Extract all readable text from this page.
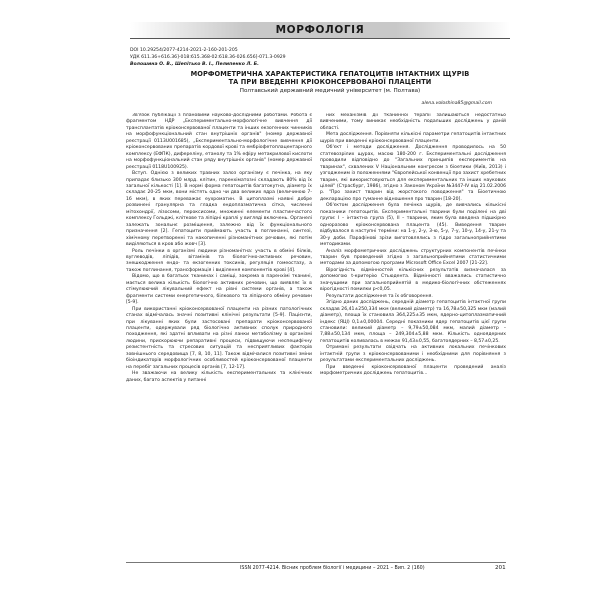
МОРФОЛОГІЯ
DOI 10.29254/2077-4214-2021-2-160-201-205
УДК 611.36+616.36]-018:615.368-02:618.36-026.656]-071.3-0929
Волошина О. В., Шепітько В. І., Пелипенко Л. Б.
МОРФОМЕТРИЧНА ХАРАКТЕРИСТИКА ГЕПАТОЦИТІВ ІНТАКТНИХ ЩУРІВ
ТА ПРИ ВВЕДЕННІ КРІОКОНСЕРВОВАНОЇ ПЛАЦЕНТИ
Полтавський державний медичний університет (м. Полтава)
alena.voloshina85@gmail.com

Зв'язок публікації з плановими науково-дослідними роботами. Робота є фрагментом НДР „Експериментально-морфологічне вивчення дії трансплантатів кріоконсервованої плаценти та інших екзогенних чинників на морфофункціональний стан внутрішніх органів" (номер державної реєстрації 0113U001685), „Експериментально-морфологічне вивчення дії кріоконсервованих препаратів кордової крові та ембріофетоплацентарного комплексу (ЕФПК), дифереліну, етанолу та 1% ефіру метакрилової кислоти на морфофункціональний стан ряду внутрішніх органів" (номер державної реєстрації 0118U100925).

Вступ. Однією з великих травних залоз організму є печінка, на яку припадає близько 300 млрд. клітин, паренхіматозні складають 80% від їх загальної кількості [1]. В нормі форма гепатоцитів багатокутна, діаметр їх складає 20-25 мкм, вони містять одно чи два великих ядра (величиною 7-16 мкм), в яких переважає еухроматин. В цитоплазмі наявні добре розвинені гранулярна та гладка ендоплазматична сітка, численні мітохондрії, лізосоми, пероксисоми, множинні елементи пластинчастого комплексу Гольджі, кліткове та ліпідні краплі у вигляді включень. Органелі залежать зональнє розміщення, залежно від їх функціонального призначення [2]. Гепатоцити приймають участь в поглинанні, синтезі, хімічному перетворенні та накопиченні різноманітних речовин, які потім виділяються в кров або жовч [3].

Роль печінки в організмі людини різноманітна: участь в обміні білків, вуглеводів, ліпідів, вітамінів та біологічно-активних речовин, знешкодження ендо- та екзогенних токсинів, регуляція гомеостазу, а також поглинання, трансформація і виділення компонентів крові [4].

Відомо, що в багатьох тканинах і саміщі, зокрема в паренхімі тканині, мається велика кількість біологічно активних речовин, що виявляє їх в стімулюючий лікувальний ефект на рівні системи органів, а також фрагменти системи енергетичного, білкового та ліпідного обміну речовин [5-9].

При використанні кріоконсервованої плаценти на різних патологічних станах відмічалась значні позитивні клінічні результати [5-9]. Пацієнти, при лікуванні яких були застосовані препарати кріоконсервованої плаценти, одержували ряд біологічно активних сполук природного походження, які здатні впливати на різні ланки метаболізму в організмі людини, прискорюючи репаративні процеси, підвищуючи неспецифічну резистентність та стресових ситуацій та несприятливих факторів зовнішнього середовища [7, 8, 10, 11]. Також відмічалися позитивні зміни біоіндикаторів морфологічних особливостей кріоконсервованої плаценти на перебіг загальних процесів органів [7, 12-17].

Не зважаючи на велику кількість експериментальних та клінічних даних, багато аспектів у питанні

них механізмів дії тканинної терапії залишаються недостатньо вивченими, тому виникає необхідність подальших досліджень у даній області.

Мета дослідження. Порівняти кількісні параметри гепатоцитів інтактних щурів при введенні кріоконсервованої плаценти.

Об'єкт і методи дослідження. Дослідження проводилось на 50 статевозрілих щурах, масою 180-200 г. Експериментальні дослідження проводили відповідно до "Загальних принципів експериментів на тваринах", схвалених V Національним конгресом з біоетики (Київ, 2013) і узгодженим із положеннями "Європейської конвенції про захист хребетних тварин, які використовуються для експериментальних та інших наукових цілей" (Страсбург, 1986), згідно з Законом України №3447-IV від 21.02.2006 р. "Про захист тварин від жорстокого поводження" та Біоетичною декларацією про гуманне відношення про тварин [18-20].

Об'єктом дослідження була печінка щурів, де вивчались кількісні показники гепатоцитів. Експериментальні тварини були поділені на дві групи: I – інтактна група (5), II – тварини, яким була введена підшкірно одноразово кріоконсервована плацента (45). Виведення тварин відбувалося в наступні терміни: на 1-у, 2-у, 3-ю, 5-у, 7-у, 10-у, 14-у, 21-у та 30-у доби. Парафінові зрізи виготовлялись з гідро загальноприйнятими методиками.

Аналіз морфометричних досліджень структурних компонентів печінки тварин був проведений згідно з загальноприйнятими статистичними методами за допомогою програми Microsoft Office Excel 2007 [21-22].

Вірогідність відмінностей кількісних результатів визначалася за допомогою t-критерію Стьюдента. Відмінності вважались статистично значущими при загальноприйнятій в медико-біологічних обстеженнях вірогідності помилки p<0,05.

Результати дослідження та їх обговорення.

Згідно даних досліджень, середній діаметр гепатоцитів інтактної групи складав 26,41±250,334 мкм (великий діаметр) та 16,78±50,325 мкм (малий діаметр), площа їх становила 364,225±35 мкм, ядерно-цитоплазматичний індекс (ЯЦІ) 0,1±0,00004. Середні показники ядер гепатоцитів цієї групи становили: великий діаметр – 9,79±50,084 мкм, малий діаметр – 7,88±50,134 мкм, площа – 249,304±5,88 мкм. Кількість одноядерних гепатоцитів коливалась в межах 91,43±0,55, багатоядерних – 8,57±0,25.

Отримані результати свідчать на активних локальних печінкових інтактній групи з кріоконсервованими і необхідними для порівняння з результатами експериментальних досліджень.

При введенні кріоконсервованої плаценти проведений аналіз морфометричних досліджень гепатоцитів...

ISSN 2077-4214. Вісник проблем біології і медицини – 2021 – Вип. 2 (160)	201
